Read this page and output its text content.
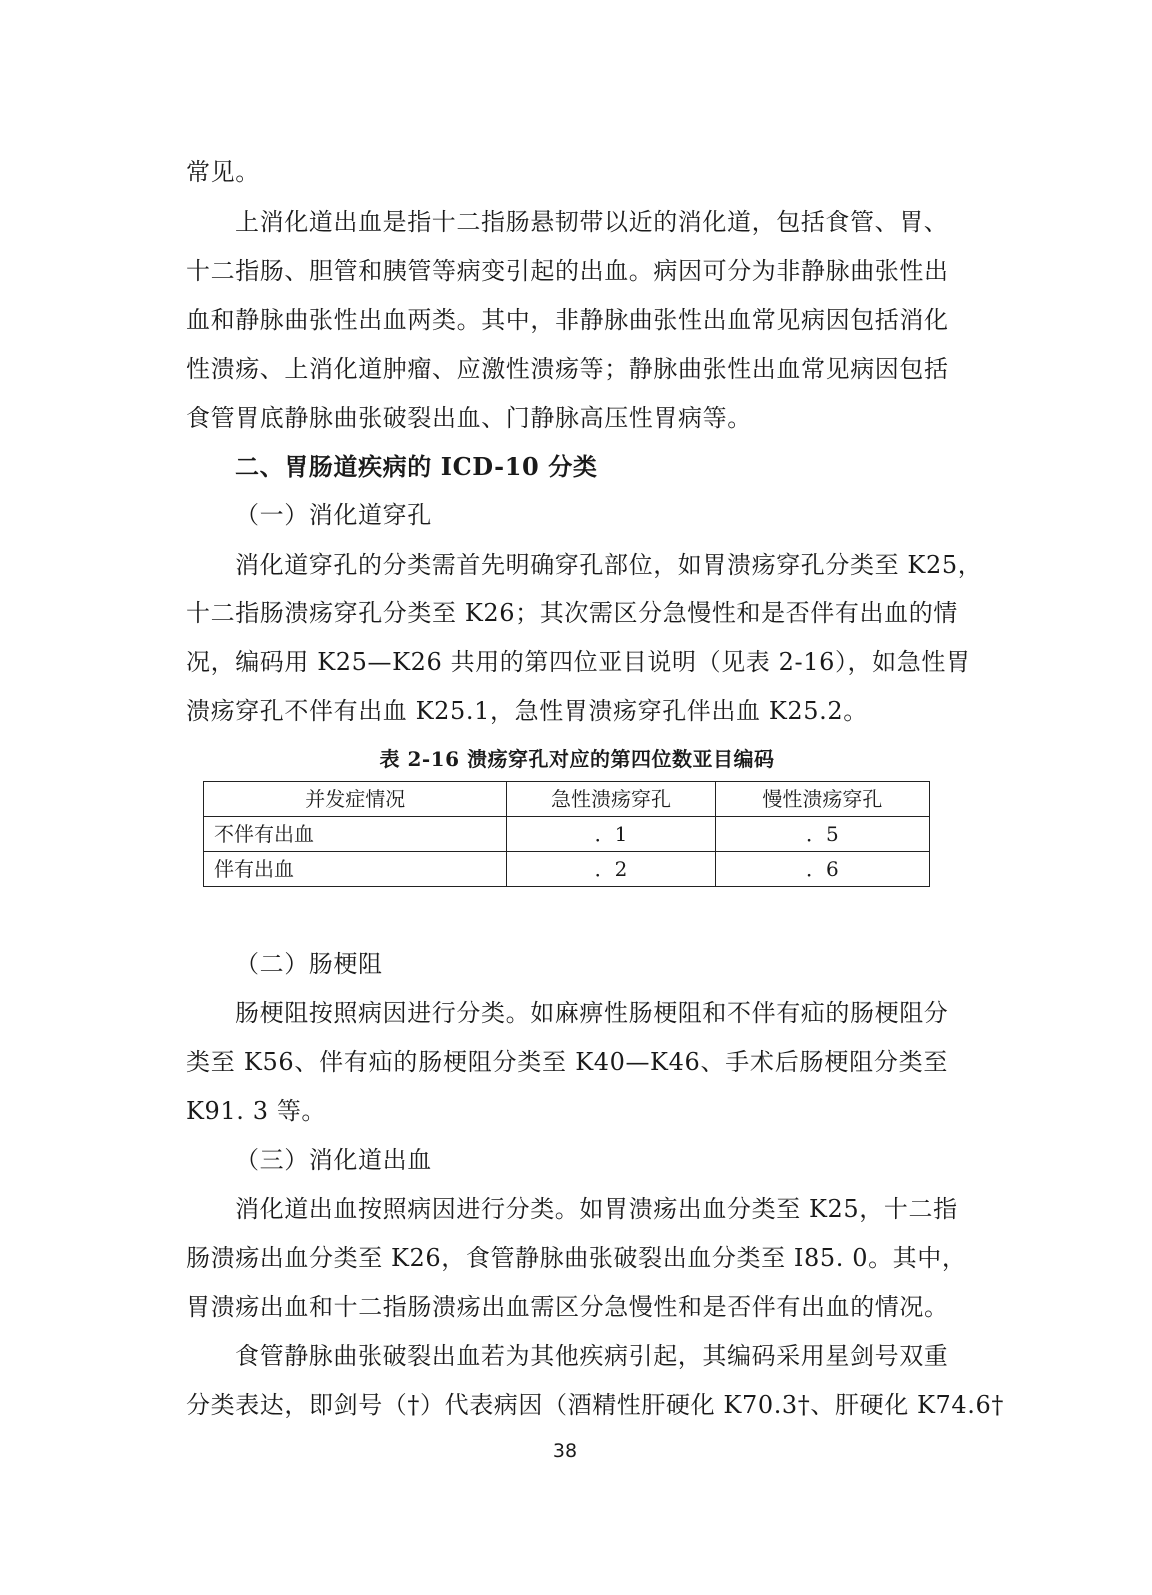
常见。
上消化道出血是指十二指肠悬韧带以近的消化道，包括食管、胃、
十二指肠、胆管和胰管等病变引起的出血。病因可分为非静脉曲张性出
血和静脉曲张性出血两类。其中，非静脉曲张性出血常见病因包括消化
性溃疡、上消化道肿瘤、应激性溃疡等；静脉曲张性出血常见病因包括
食管胃底静脉曲张破裂出血、门静脉高压性胃病等。
二、胃肠道疾病的 ICD-10 分类
（一）消化道穿孔
消化道穿孔的分类需首先明确穿孔部位，如胃溃疡穿孔分类至 K25，
十二指肠溃疡穿孔分类至 K26；其次需区分急慢性和是否伴有出血的情
况，编码用 K25—K26 共用的第四位亚目说明（见表 2-16），如急性胃
溃疡穿孔不伴有出血 K25.1，急性胃溃疡穿孔伴出血 K25.2。
表 2-16 溃疡穿孔对应的第四位数亚目编码
并发症情况	急性溃疡穿孔	慢性溃疡穿孔
不伴有出血	．1	．5
伴有出血	．2	．6
（二）肠梗阻
肠梗阻按照病因进行分类。如麻痹性肠梗阻和不伴有疝的肠梗阻分
类至 K56、伴有疝的肠梗阻分类至 K40—K46、手术后肠梗阻分类至
K91. 3 等。
（三）消化道出血
消化道出血按照病因进行分类。如胃溃疡出血分类至 K25，十二指
肠溃疡出血分类至 K26，食管静脉曲张破裂出血分类至 I85. 0。其中，
胃溃疡出血和十二指肠溃疡出血需区分急慢性和是否伴有出血的情况。
食管静脉曲张破裂出血若为其他疾病引起，其编码采用星剑号双重
分类表达，即剑号（†）代表病因（酒精性肝硬化 K70.3†、肝硬化 K74.6†
38
